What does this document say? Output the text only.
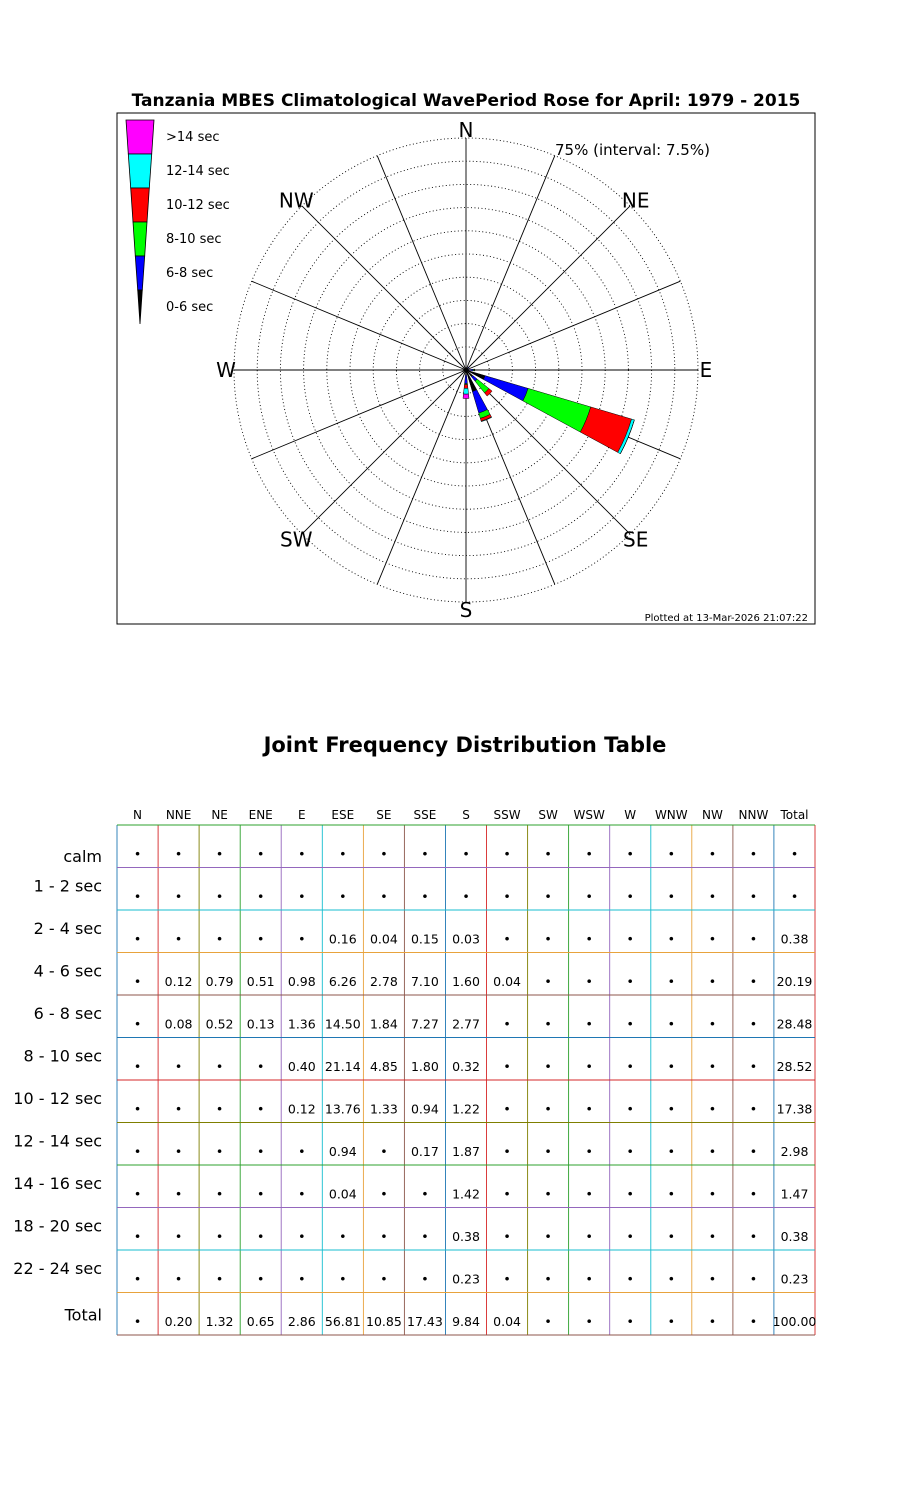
Tanzania MBES Climatological WavePeriod Rose for April: 1979 - 2015
N
NE
E
SE
S
SW
W
NW
75% (interval: 7.5%)
>14 sec
12-14 sec
10-12 sec
8-10 sec
6-8 sec
0-6 sec
Plotted at 13-Mar-2026 21:07:22
Joint Frequency Distribution Table
N NNE NE ENE E ESE SE SSE S SSW SW WSW W WNW NW NNW Total
calm
1 - 2 sec
2 - 4 sec
4 - 6 sec
6 - 8 sec
8 - 10 sec
10 - 12 sec
12 - 14 sec
14 - 16 sec
18 - 20 sec
22 - 24 sec
Total
•	•	•	•	•	•	•	•	•	•	•	•	•	•	•	•	•
•	•	•	•	•	•	•	•	•	•	•	•	•	•	•	•	•
•	•	•	•	• 0.16 0.04 0.15 0.03 •	•	•	•	•	•	• 0.38
• 0.12 0.79 0.51 0.98 6.26 2.78 7.10 1.60 0.04 •	•	•	•	•	• 20.19
• 0.08 0.52 0.13 1.36 14.50 1.84 7.27 2.77 •	•	•	•	•	•	• 28.48
•	•	•	• 0.40 21.14 4.85 1.80 0.32 •	•	•	•	•	•	• 28.52
•	•	•	• 0.12 13.76 1.33 0.94 1.22 •	•	•	•	•	•	• 17.38
•	•	•	•	• 0.94 • 0.17 1.87 •	•	•	•	•	•	• 2.98
•	•	•	•	• 0.04 •	• 1.42 •	•	•	•	•	•	• 1.47
•	•	•	•	•	•	•	• 0.38 •	•	•	•	•	•	• 0.38
•	•	•	•	•	•	•	• 0.23 •	•	•	•	•	•	• 0.23
• 0.20 1.32 0.65 2.86 56.81 10.85 17.43 9.84 0.04 •	•	•	•	•	• 100.00
